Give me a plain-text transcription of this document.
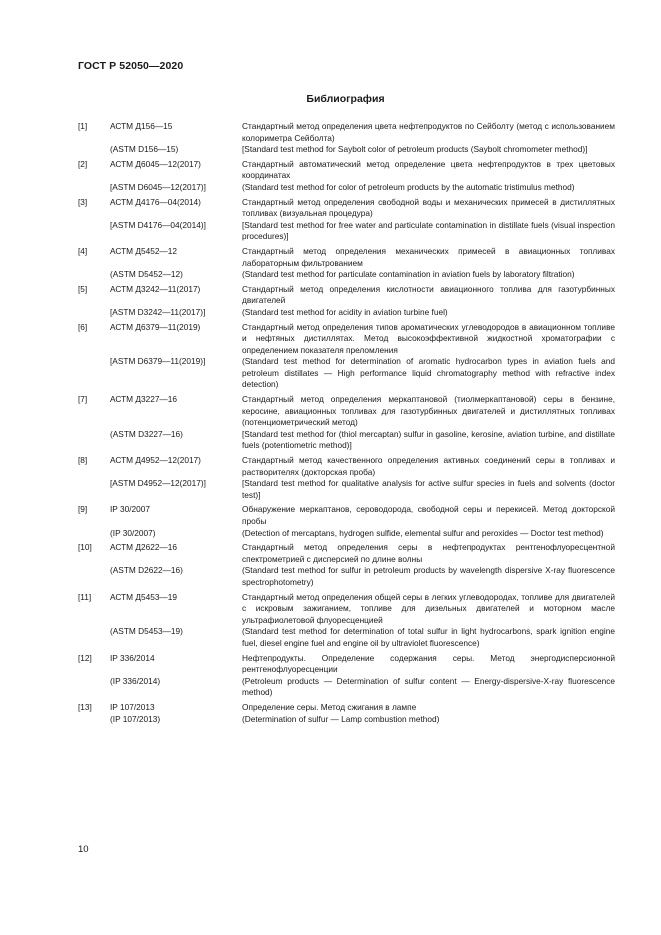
ГОСТ Р 52050—2020
Библиография
[1]	АСТМ Д156—15	Стандартный метод определения цвета нефтепродуктов по Сейболту (метод с использованием колориметра Сейболта)
(ASTM D156—15)	[Standard test method for Saybolt color of petroleum products (Saybolt chromometer method)]
[2]	АСТМ Д6045—12(2017)	Стандартный автоматический метод определение цвета нефтепродуктов в трех цветовых координатах
[ASTM D6045—12(2017)]	(Standard test method for color of petroleum products by the automatic tristimulus method)
[3]	АСТМ Д4176—04(2014)	Стандартный метод определения свободной воды и механических примесей в дистиллятных топливах (визуальная процедура)
[ASTM D4176—04(2014)]	[Standard test method for free water and particulate contamination in distillate fuels (visual inspection procedures)]
[4]	АСТМ Д5452—12	Стандартный метод определения механических примесей в авиационных топливах лабораторным фильтрованием
(ASTM D5452—12)	(Standard test method for particulate contamination in aviation fuels by laboratory filtration)
[5]	АСТМ Д3242—11(2017)	Стандартный метод определения кислотности авиационного топлива для газотурбинных двигателей
[ASTM D3242—11(2017)]	(Standard test method for acidity in aviation turbine fuel)
[6]	АСТМ Д6379—11(2019)	Стандартный метод определения типов ароматических углеводородов в авиационном топливе и нефтяных дистиллятах. Метод высокоэффективной жидкостной хроматографии с определением показателя преломления
[ASTM D6379—11(2019)]	(Standard test method for determination of aromatic hydrocarbon types in aviation fuels and petroleum distillates — High performance liquid chromatography method with refractive index detection)
[7]	АСТМ Д3227—16	Стандартный метод определения меркаптановой (тиолмеркаптановой) серы в бензине, керосине, авиационных топливах для газотурбинных двигателей и дистиллятных топливах (потенциометрический метод)
(ASTM D3227—16)	[Standard test method for (thiol mercaptan) sulfur in gasoline, kerosine, aviation turbine, and distillate fuels (potentiometric method)]
[8]	АСТМ Д4952—12(2017)	Стандартный метод качественного определения активных соединений серы в топливах и растворителях (докторская проба)
[ASTM D4952—12(2017)]	[Standard test method for qualitative analysis for active sulfur species in fuels and solvents (doctor test)]
[9]	IP 30/2007	Обнаружение меркаптанов, сероводорода, свободной серы и перекисей. Метод докторской пробы
(IP 30/2007)	(Detection of mercaptans, hydrogen sulfide, elemental sulfur and peroxides — Doctor test method)
[10]	АСТМ Д2622—16	Стандартный метод определения серы в нефтепродуктах рентгенофлуоресцентной спектрометрией с дисперсией по длине волны
(ASTM D2622—16)	(Standard test method for sulfur in petroleum products by wavelength dispersive X-ray fluorescence spectrophotometry)
[11]	АСТМ Д5453—19	Стандартный метод определения общей серы в легких углеводородах, топливе для двигателей с искровым зажиганием, топливе для дизельных двигателей и моторном масле ультрафиолетовой флуоресценцией
(ASTM D5453—19)	(Standard test method for determination of total sulfur in light hydrocarbons, spark ignition engine fuel, diesel engine fuel and engine oil by ultraviolet fluorescence)
[12]	IP 336/2014	Нефтепродукты. Определение содержания серы. Метод энергодисперсионной рентгенофлуоресценции
(IP 336/2014)	(Petroleum products — Determination of sulfur content — Energy-dispersive-X-ray fluorescence method)
[13]	IP 107/2013	Определение серы. Метод сжигания в лампе
(IP 107/2013)	(Determination of sulfur — Lamp combustion method)
10
